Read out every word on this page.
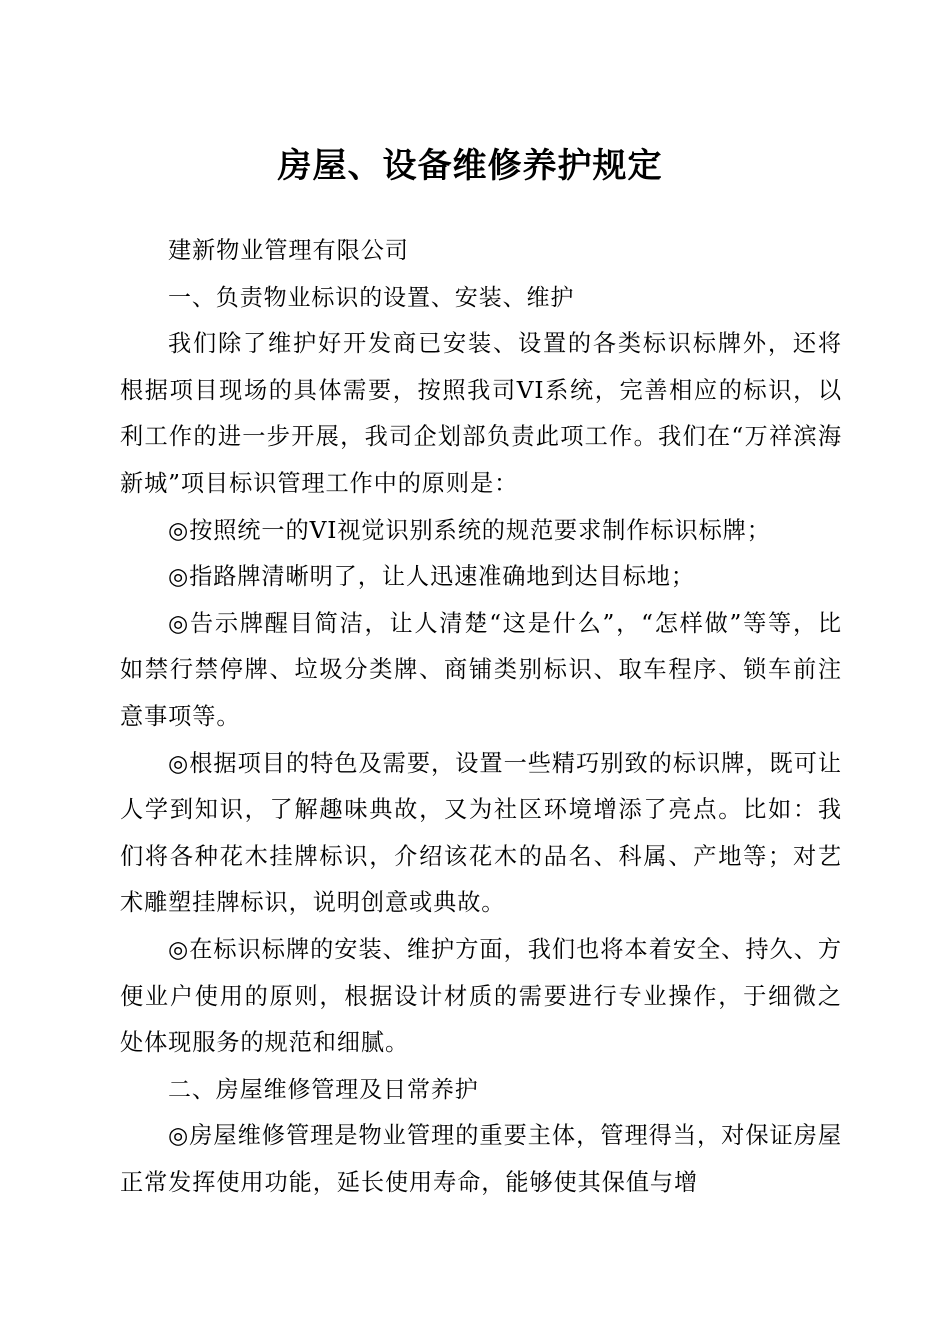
房屋、设备维修养护规定

建新物业管理有限公司

一、负责物业标识的设置、安装、维护

我们除了维护好开发商已安装、设置的各类标识标牌外，还将根据项目现场的具体需要，按照我司VI系统，完善相应的标识，以利工作的进一步开展，我司企划部负责此项工作。我们在“万祥滨海新城”项目标识管理工作中的原则是：

◎按照统一的VI视觉识别系统的规范要求制作标识标牌；

◎指路牌清晰明了，让人迅速准确地到达目标地；

◎告示牌醒目简洁，让人清楚“这是什么”，“怎样做”等等，比如禁行禁停牌、垃圾分类牌、商铺类别标识、取车程序、锁车前注意事项等。

◎根据项目的特色及需要，设置一些精巧别致的标识牌，既可让人学到知识，了解趣味典故，又为社区环境增添了亮点。比如：我们将各种花木挂牌标识，介绍该花木的品名、科属、产地等；对艺术雕塑挂牌标识，说明创意或典故。

◎在标识标牌的安装、维护方面，我们也将本着安全、持久、方便业户使用的原则，根据设计材质的需要进行专业操作，于细微之处体现服务的规范和细腻。

二、房屋维修管理及日常养护

◎房屋维修管理是物业管理的重要主体，管理得当，对保证房屋正常发挥使用功能，延长使用寿命，能够使其保值与增
